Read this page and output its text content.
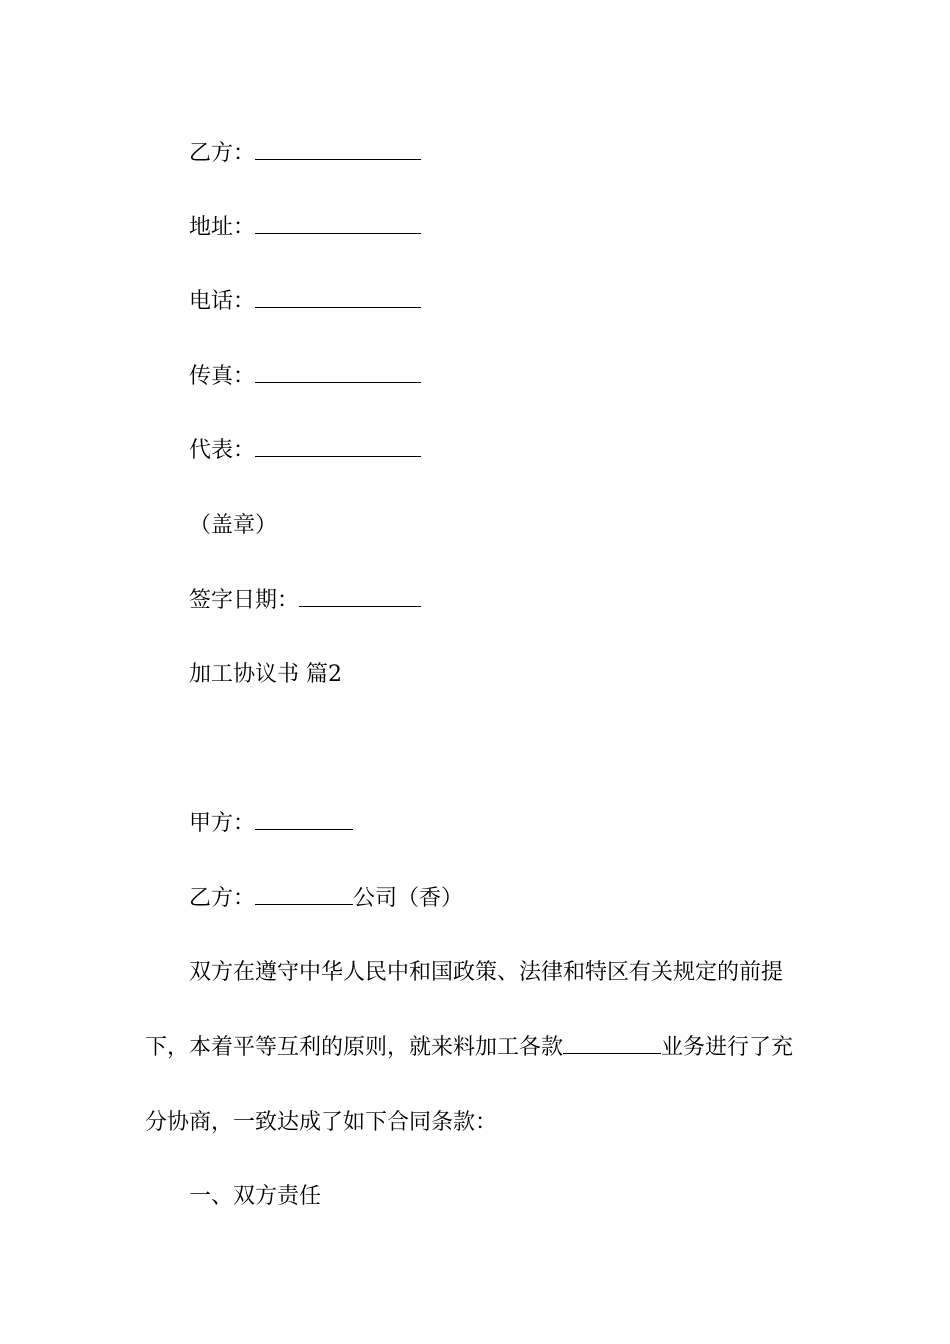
乙方：
地址：
电话：
传真：
代表：
（盖章）
签字日期：
加工协议书 篇2
甲方：
乙方：	公司（香）
双方在遵守中华人民中和国政策、法律和特区有关规定的前提
下，本着平等互利的原则，就来料加工各款	业务进行了充
分协商，一致达成了如下合同条款：
一、双方责任
